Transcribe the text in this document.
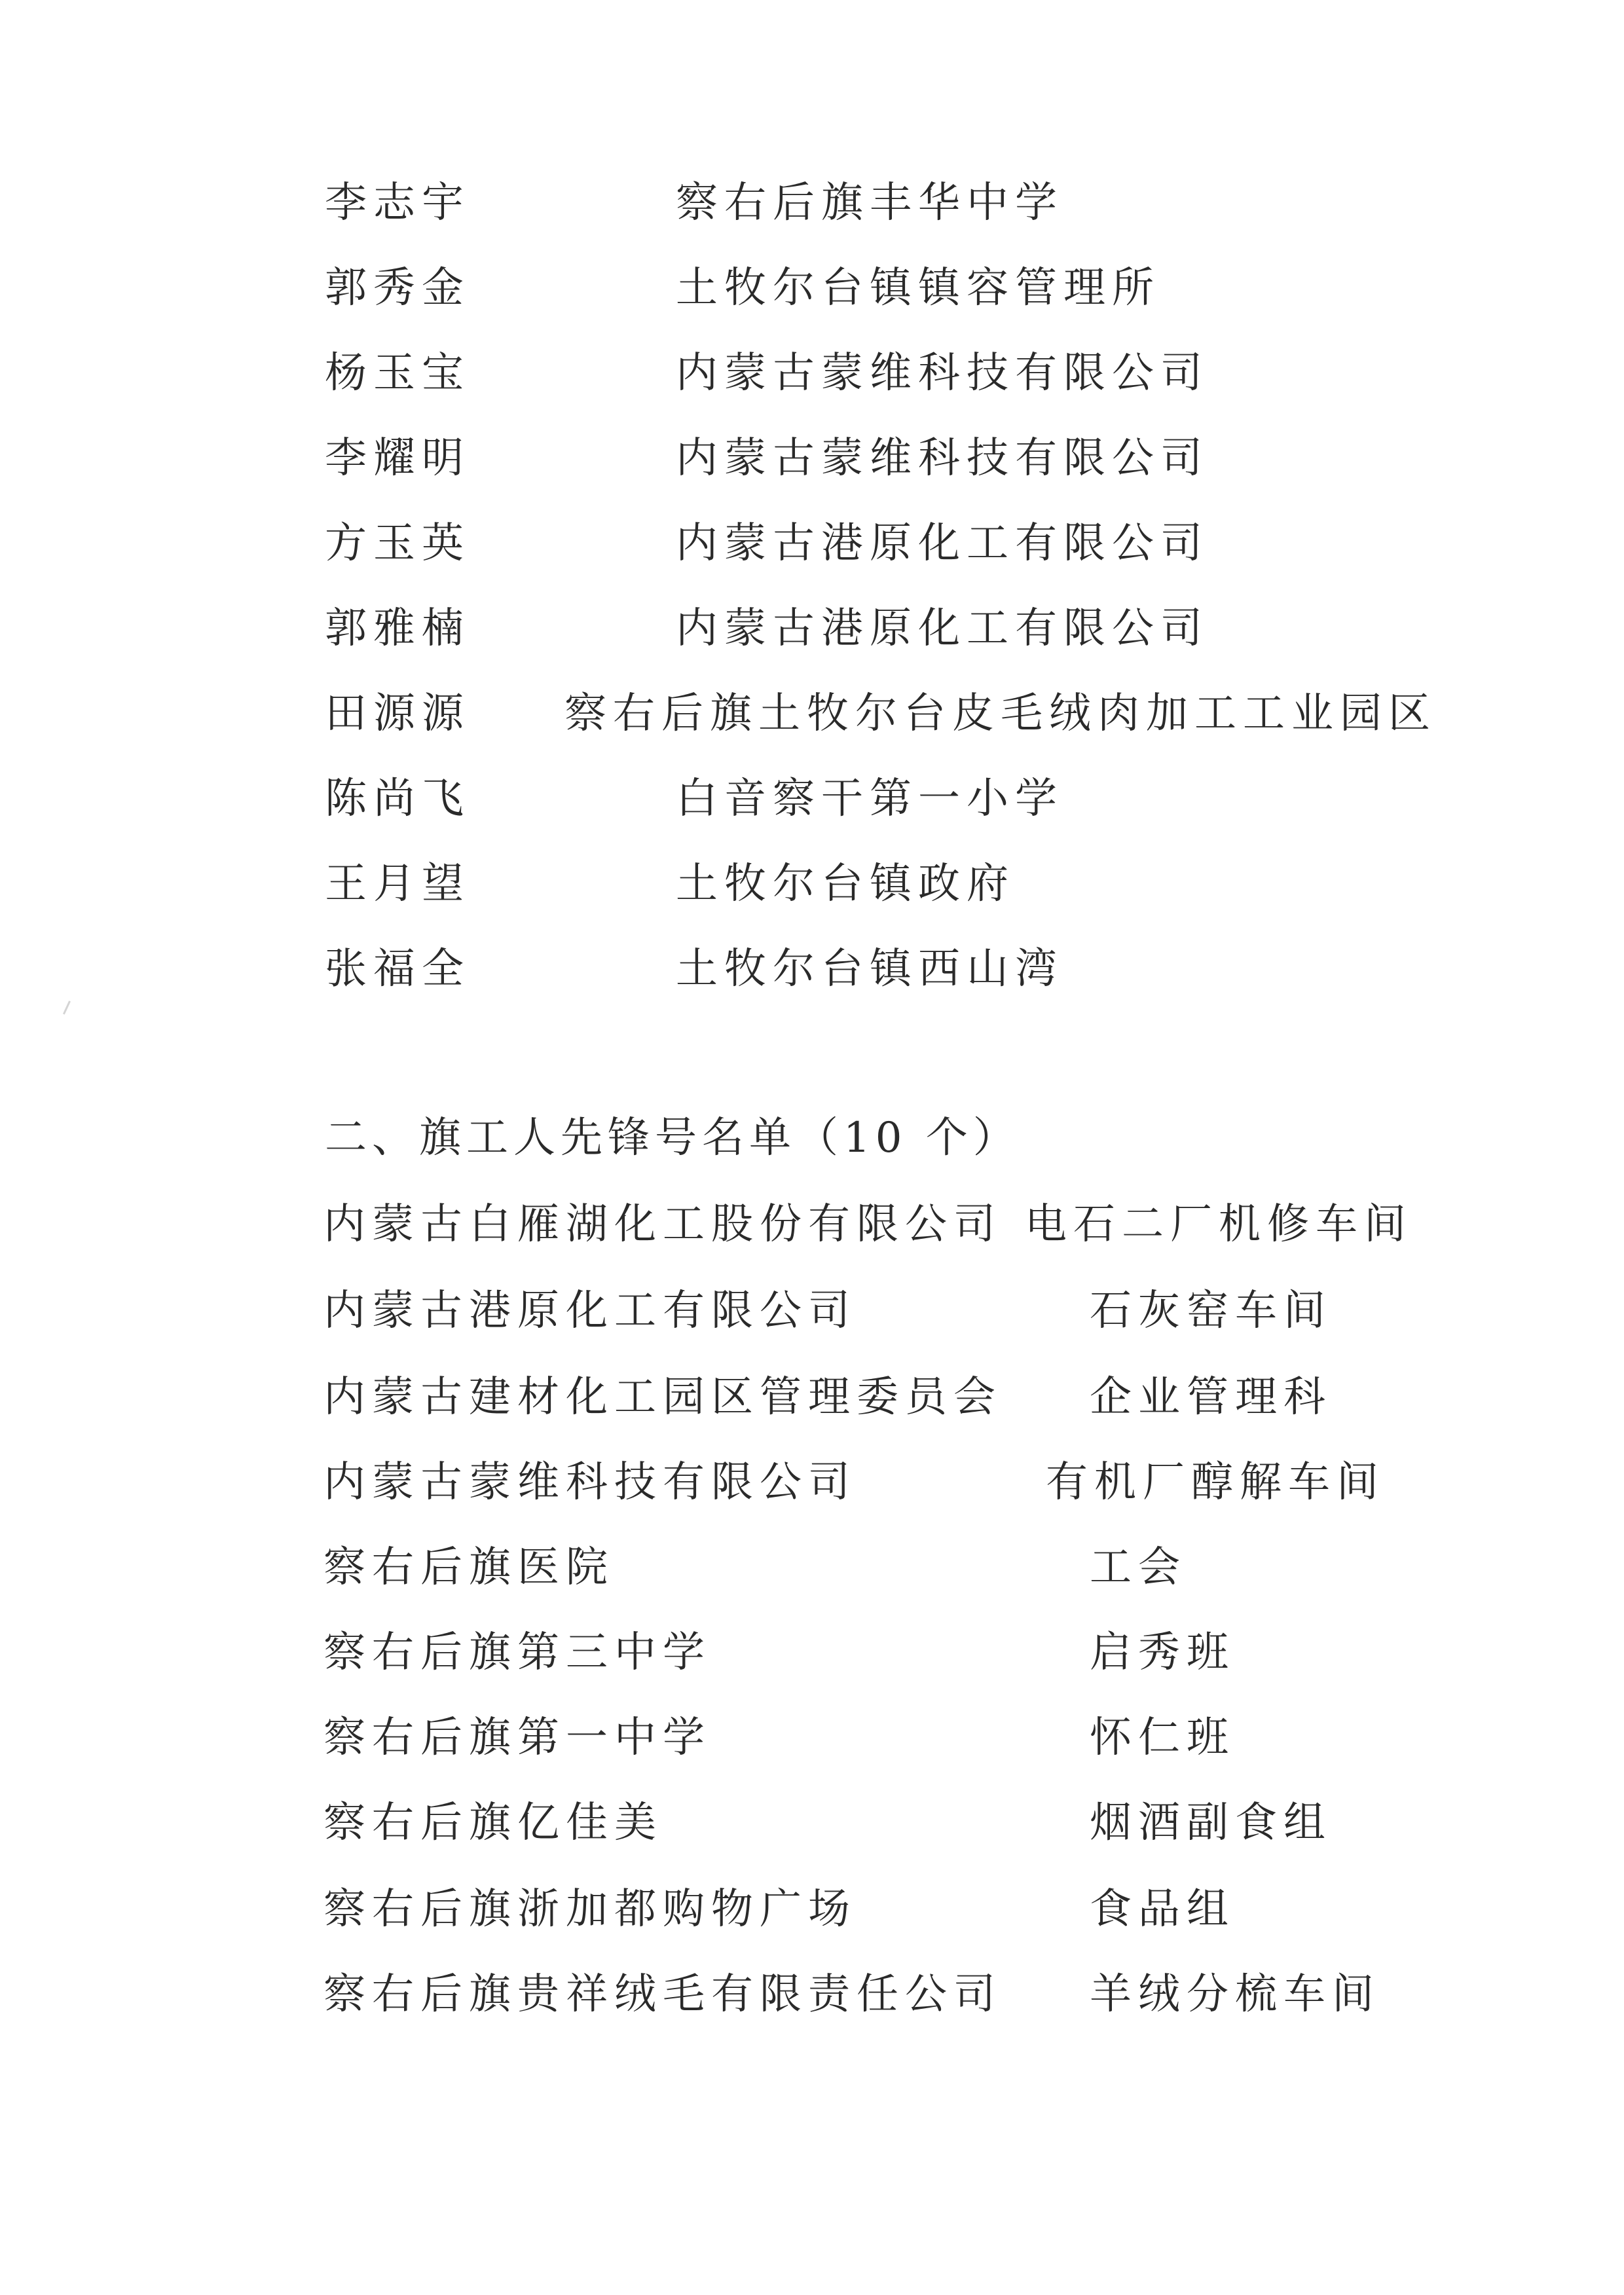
李志宇	察右后旗丰华中学
郭秀金	土牧尔台镇镇容管理所
杨玉宝	内蒙古蒙维科技有限公司
李耀明	内蒙古蒙维科技有限公司
方玉英	内蒙古港原化工有限公司
郭雅楠	内蒙古港原化工有限公司
田源源 察右后旗土牧尔台皮毛绒肉加工工业园区
陈尚飞	白音察干第一小学
王月望	土牧尔台镇政府
张福全	土牧尔台镇西山湾
二、旗工人先锋号名单（10 个）
内蒙古白雁湖化工股份有限公司 电石二厂机修车间
内蒙古港原化工有限公司	石灰窑车间
内蒙古建材化工园区管理委员会 企业管理科
内蒙古蒙维科技有限公司	有机厂醇解车间
察右后旗医院	工会
察右后旗第三中学	启秀班
察右后旗第一中学	怀仁班
察右后旗亿佳美	烟酒副食组
察右后旗浙加都购物广场	食品组
察右后旗贵祥绒毛有限责任公司 羊绒分梳车间
